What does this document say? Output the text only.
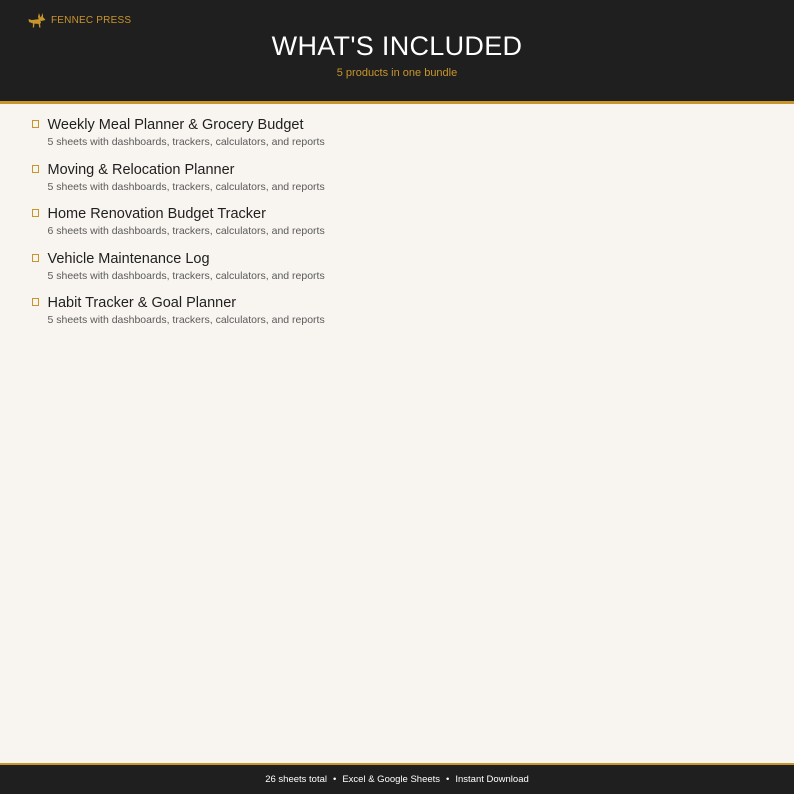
FENNEC PRESS
WHAT'S INCLUDED
5 products in one bundle
Weekly Meal Planner & Grocery Budget
5 sheets with dashboards, trackers, calculators, and reports
Moving & Relocation Planner
5 sheets with dashboards, trackers, calculators, and reports
Home Renovation Budget Tracker
6 sheets with dashboards, trackers, calculators, and reports
Vehicle Maintenance Log
5 sheets with dashboards, trackers, calculators, and reports
Habit Tracker & Goal Planner
5 sheets with dashboards, trackers, calculators, and reports
26 sheets total • Excel & Google Sheets • Instant Download
